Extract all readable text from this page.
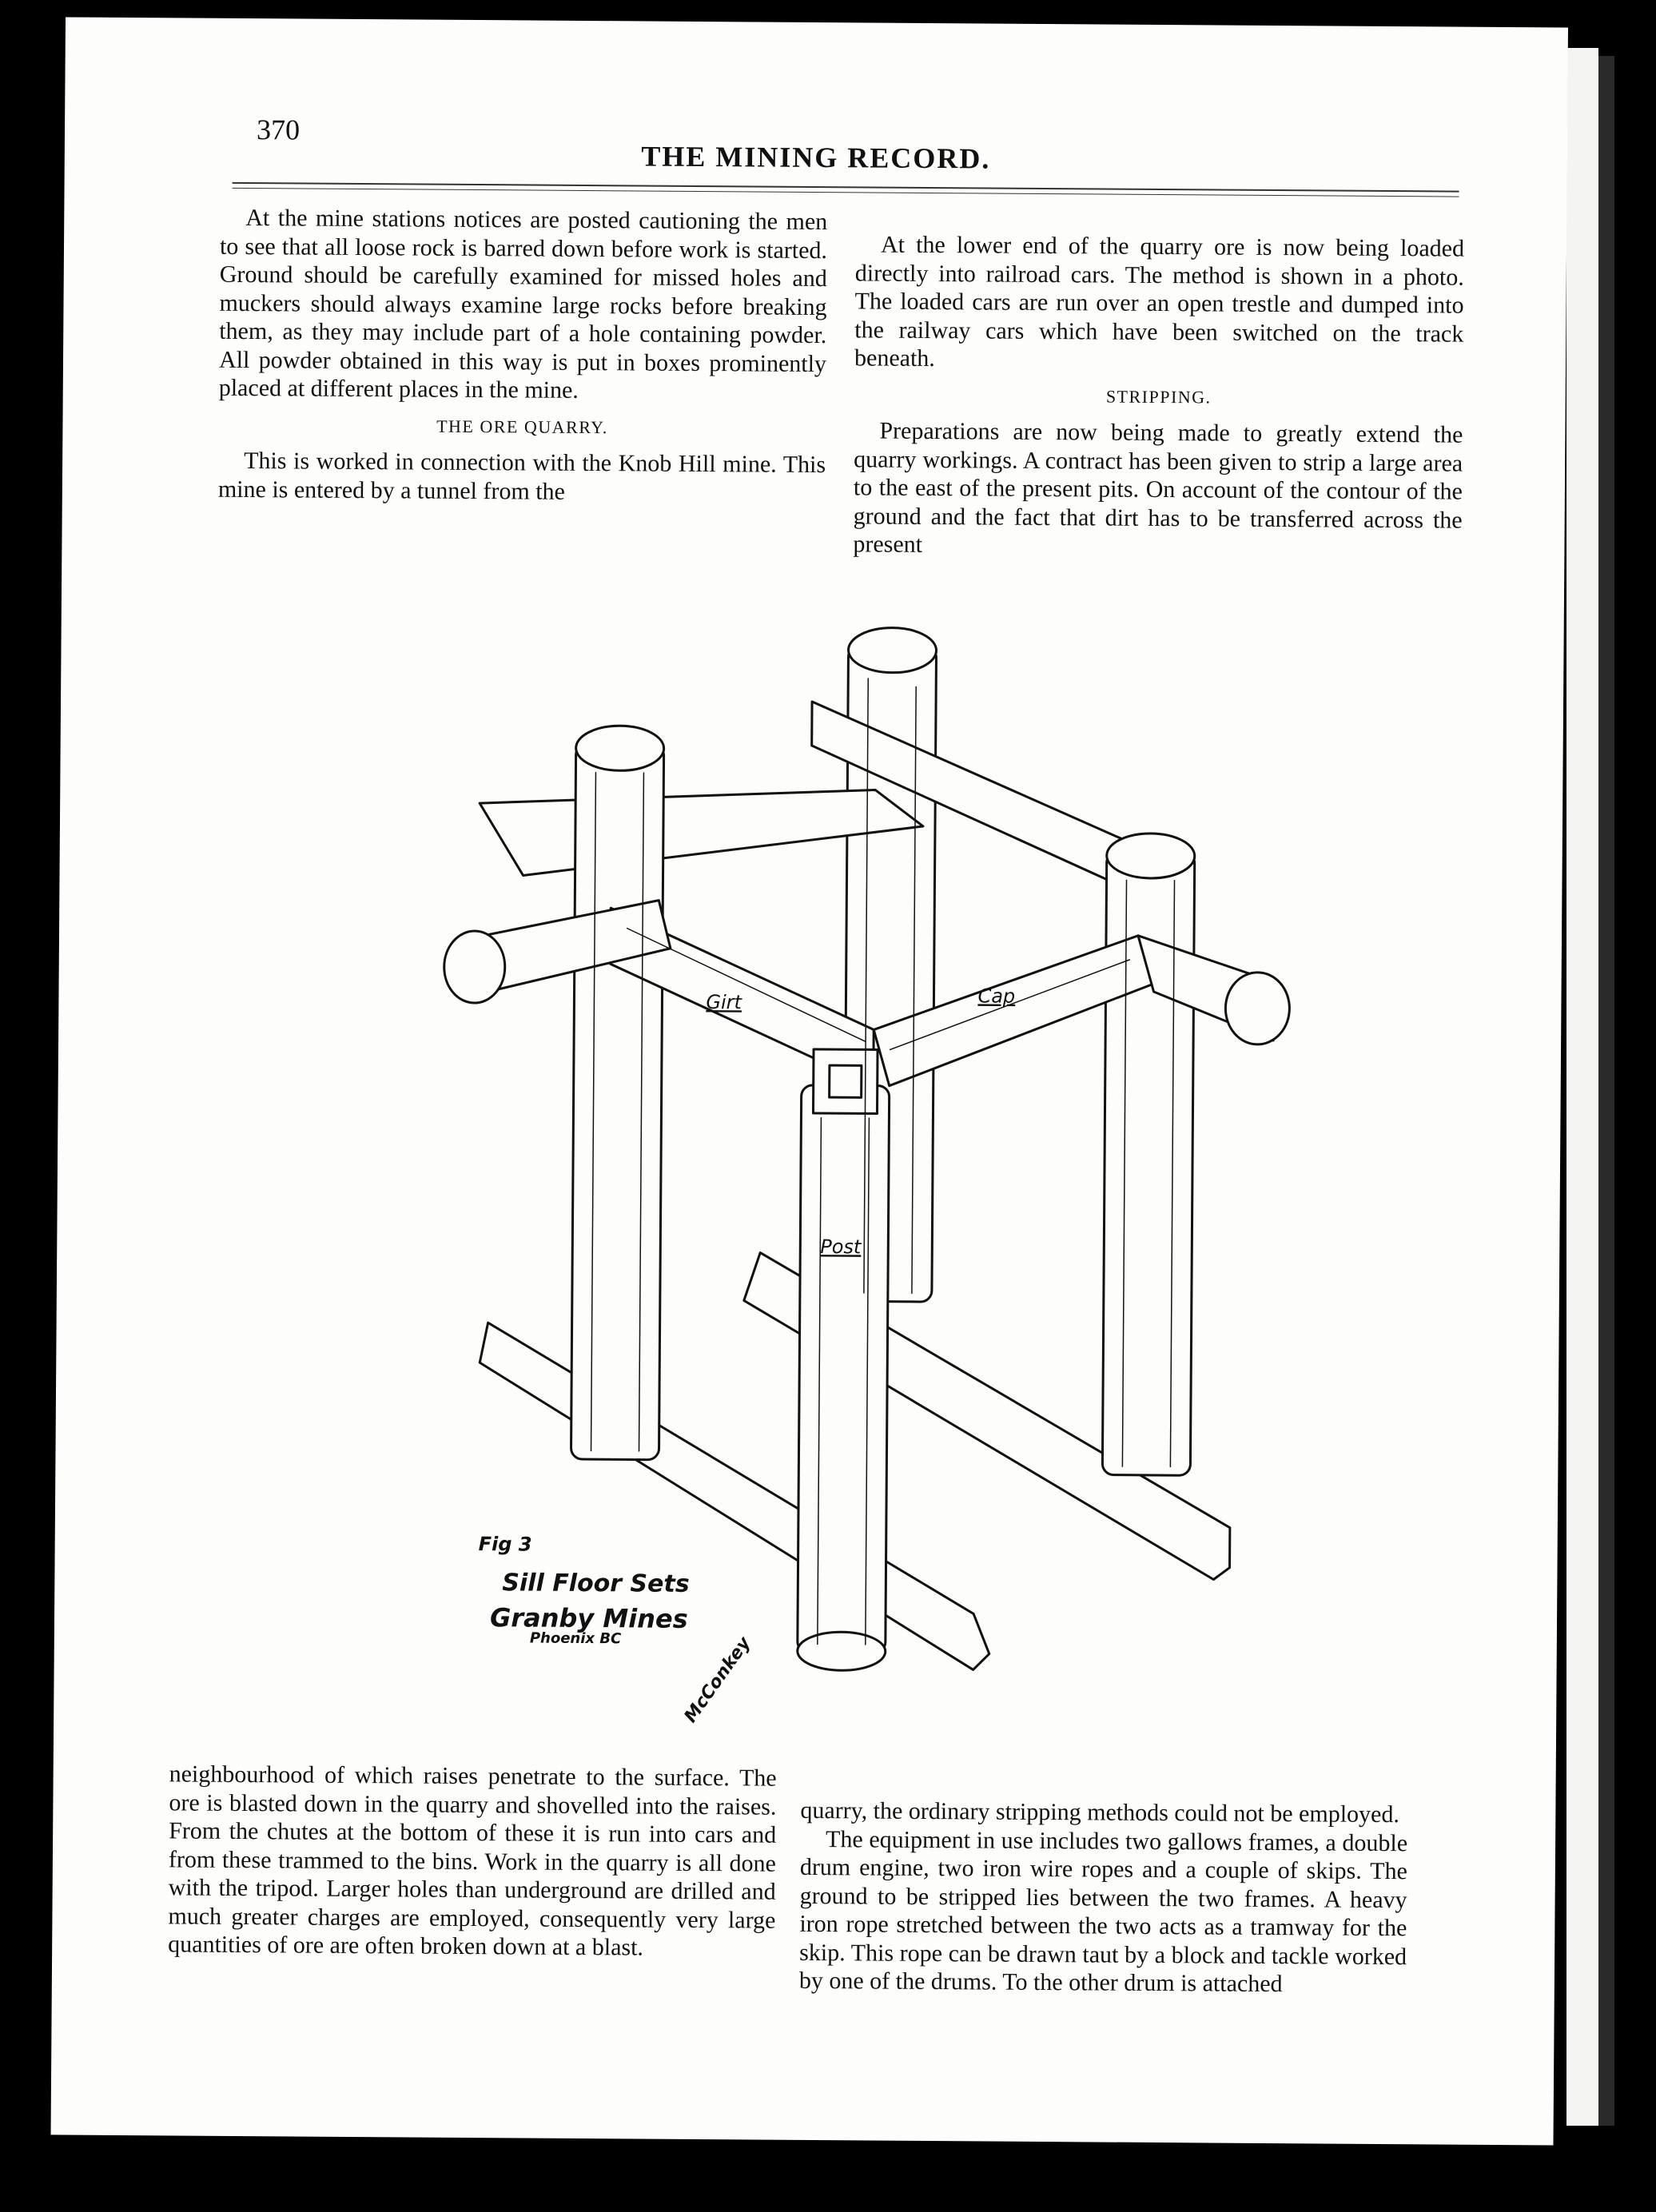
370
THE MINING RECORD.

At the mine stations notices are posted cautioning the men to see that all loose rock is barred down before work is started. Ground should be carefully examined for missed holes and muckers should always examine large rocks before breaking them, as they may include part of a hole containing powder. All powder obtained in this way is put in boxes prominently placed at different places in the mine.

THE ORE QUARRY.

This is worked in connection with the Knob Hill mine. This mine is entered by a tunnel from the

At the lower end of the quarry ore is now being loaded directly into railroad cars. The method is shown in a photo. The loaded cars are run over an open trestle and dumped into the railway cars which have been switched on the track beneath.

STRIPPING.

Preparations are now being made to greatly extend the quarry workings. A contract has been given to strip a large area to the east of the present pits. On account of the contour of the ground and the fact that dirt has to be transferred across the present

Girt	Cap
Post
Fig 3
Sill Floor Sets
Granby Mines
Phoenix BC	McConkey

neighbourhood of which raises penetrate to the surface. The ore is blasted down in the quarry and shovelled into the raises. From the chutes at the bottom of these it is run into cars and from these trammed to the bins. Work in the quarry is all done with the tripod. Larger holes than underground are drilled and much greater charges are employed, consequently very large quantities of ore are often broken down at a blast.

quarry, the ordinary stripping methods could not be employed.

The equipment in use includes two gallows frames, a double drum engine, two iron wire ropes and a couple of skips. The ground to be stripped lies between the two frames. A heavy iron rope stretched between the two acts as a tramway for the skip. This rope can be drawn taut by a block and tackle worked by one of the drums. To the other drum is attached
